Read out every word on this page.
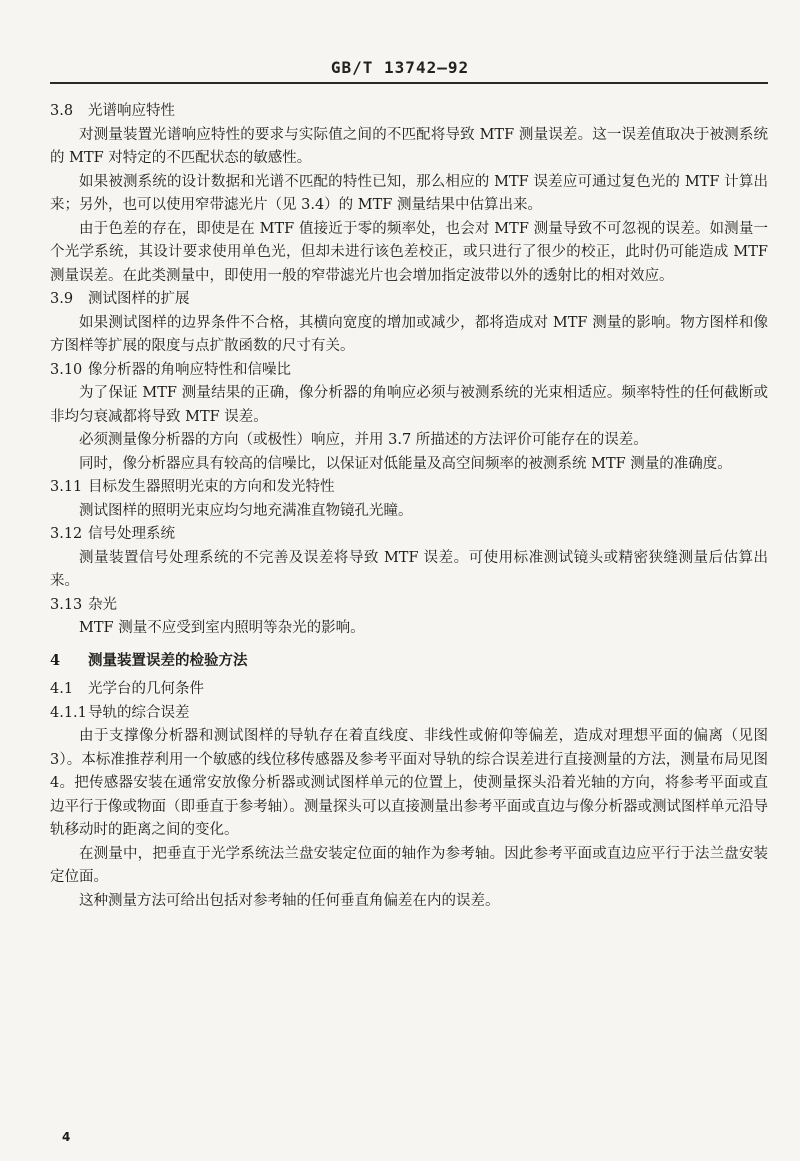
GB/T 13742—92
3.8 光谱响应特性

对测量装置光谱响应特性的要求与实际值之间的不匹配将导致 MTF 测量误差。这一误差值取决于被测系统的 MTF 对特定的不匹配状态的敏感性。

如果被测系统的设计数据和光谱不匹配的特性已知，那么相应的 MTF 误差应可通过复色光的 MTF 计算出来；另外，也可以使用窄带滤光片（见 3.4）的 MTF 测量结果中估算出来。

由于色差的存在，即使是在 MTF 值接近于零的频率处，也会对 MTF 测量导致不可忽视的误差。如测量一个光学系统，其设计要求使用单色光，但却未进行该色差校正，或只进行了很少的校正，此时仍可能造成 MTF 测量误差。在此类测量中，即使用一般的窄带滤光片也会增加指定波带以外的透射比的相对效应。

3.9 测试图样的扩展

如果测试图样的边界条件不合格，其横向宽度的增加或减少，都将造成对 MTF 测量的影响。物方图样和像方图样等扩展的限度与点扩散函数的尺寸有关。

3.10 像分析器的角响应特性和信噪比

为了保证 MTF 测量结果的正确，像分析器的角响应必须与被测系统的光束相适应。频率特性的任何截断或非均匀衰减都将导致 MTF 误差。

必须测量像分析器的方向（或极性）响应，并用 3.7 所描述的方法评价可能存在的误差。

同时，像分析器应具有较高的信噪比，以保证对低能量及高空间频率的被测系统 MTF 测量的准确度。

3.11 目标发生器照明光束的方向和发光特性

测试图样的照明光束应均匀地充满准直物镜孔光瞳。

3.12 信号处理系统

测量装置信号处理系统的不完善及误差将导致 MTF 误差。可使用标准测试镜头或精密狭缝测量后估算出来。

3.13 杂光

MTF 测量不应受到室内照明等杂光的影响。

4 测量装置误差的检验方法
4.1 光学台的几何条件
4.1.1导轨的综合误差

由于支撑像分析器和测试图样的导轨存在着直线度、非线性或俯仰等偏差，造成对理想平面的偏离（见图 3）。本标准推荐利用一个敏感的线位移传感器及参考平面对导轨的综合误差进行直接测量的方法，测量布局见图 4。把传感器安装在通常安放像分析器或测试图样单元的位置上，使测量探头沿着光轴的方向，将参考平面或直边平行于像或物面（即垂直于参考轴）。测量探头可以直接测量出参考平面或直边与像分析器或测试图样单元沿导轨移动时的距离之间的变化。

在测量中，把垂直于光学系统法兰盘安装定位面的轴作为参考轴。因此参考平面或直边应平行于法兰盘安装定位面。

这种测量方法可给出包括对参考轴的任何垂直角偏差在内的误差。

4
